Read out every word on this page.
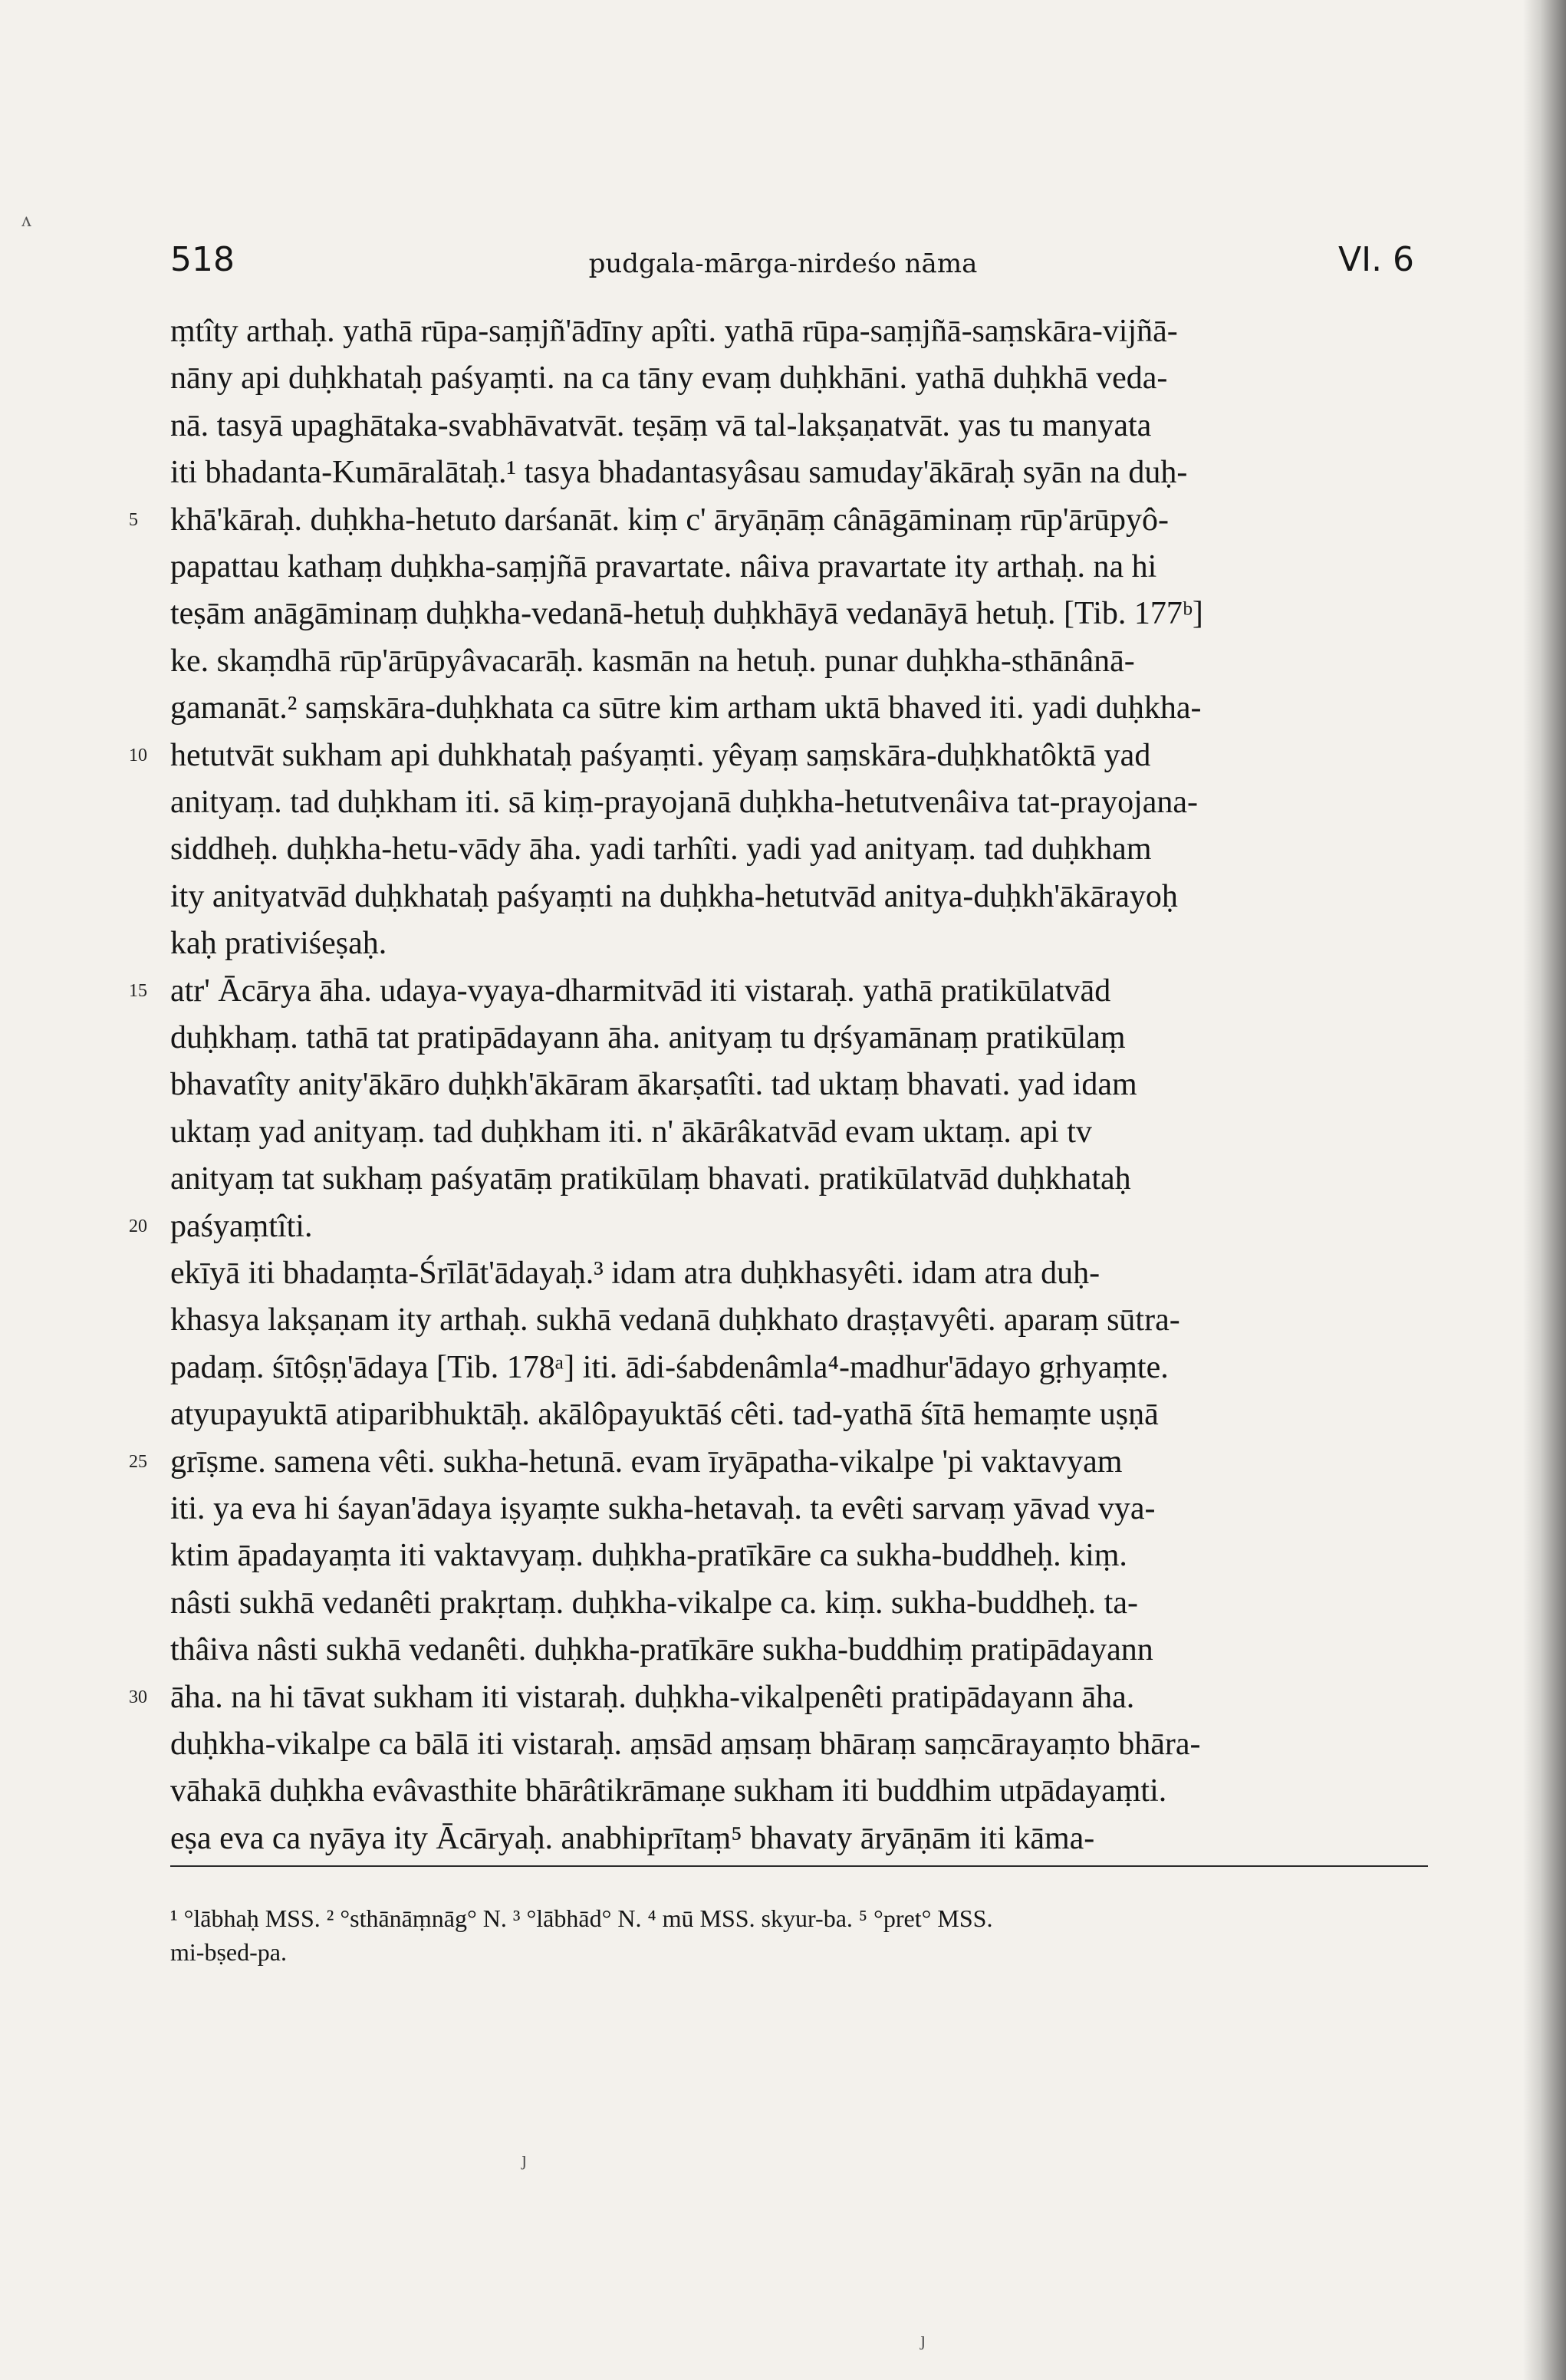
518	pudgala-mārga-nirdeśo nāma	VI. 6
ṃtîty arthaḥ. yathā rūpa-saṃjñ'ādīny apîti. yathā rūpa-saṃjñā-saṃskāra-vijñā-
nāny api duḥkhataḥ paśyaṃti. na ca tāny evaṃ duḥkhāni. yathā duḥkhā veda-
nā. tasyā upaghātaka-svabhāvatvāt. teṣāṃ vā tal-lakṣaṇatvāt. yas tu manyata
iti bhadanta-Kumāralātaḥ.¹ tasya bhadantasyâsau samuday'ākāraḥ syān na duḥ-
khā'kāraḥ. duḥkha-hetuto darśanāt. kiṃ c' āryāṇāṃ cânāgāminaṃ rūp'ārūpyô-
5
papattau kathaṃ duḥkha-saṃjñā pravartate. nâiva pravartate ity arthaḥ. na hi
teṣām anāgāminaṃ duḥkha-vedanā-hetuḥ duḥkhāyā vedanāyā hetuḥ. [Tib. 177ᵇ]
ke. skaṃdhā rūp'ārūpyâvacarāḥ. kasmān na hetuḥ. punar duḥkha-sthānânā-
gamanāt.² saṃskāra-duḥkhata ca sūtre kim artham uktā bhaved iti. yadi duḥkha-
hetutvāt sukham api duhkhataḥ paśyaṃti. yêyaṃ saṃskāra-duḥkhatôktā yad
10
anityaṃ. tad duḥkham iti. sā kiṃ-prayojanā duḥkha-hetutvenâiva tat-prayojana-
siddheḥ. duḥkha-hetu-vādy āha. yadi tarhîti. yadi yad anityaṃ. tad duḥkham
ity anityatvād duḥkhataḥ paśyaṃti na duḥkha-hetutvād anitya-duḥkh'ākārayoḥ
kaḥ prativiśeṣaḥ.
atr' Ācārya āha. udaya-vyaya-dharmitvād iti vistaraḥ. yathā pratikūlatvād
15
duḥkhaṃ. tathā tat pratipādayann āha. anityaṃ tu dṛśyamānaṃ pratikūlaṃ
bhavatîty anity'ākāro duḥkh'ākāram ākarṣatîti. tad uktaṃ bhavati. yad idam
uktaṃ yad anityaṃ. tad duḥkham iti. n' ākārâkatvād evam uktaṃ. api tv
anityaṃ tat sukhaṃ paśyatāṃ pratikūlaṃ bhavati. pratikūlatvād duḥkhataḥ
paśyaṃtîti.
20
ekīyā iti bhadaṃta-Śrīlāt'ādayaḥ.³ idam atra duḥkhasyêti. idam atra duḥ-
khasya lakṣaṇam ity arthaḥ. sukhā vedanā duḥkhato draṣṭavyêti. aparaṃ sūtra-
padaṃ. śītôṣṇ'ādaya [Tib. 178ᵃ] iti. ādi-śabdenâmla⁴-madhur'ādayo gṛhyaṃte.
atyupayuktā atiparibhuktāḥ. akālôpayuktāś cêti. tad-yathā śītā hemaṃte uṣṇā
grīṣme. samena vêti. sukha-hetunā. evam īryāpatha-vikalpe 'pi vaktavyam
25
iti. ya eva hi śayan'ādaya iṣyaṃte sukha-hetavaḥ. ta evêti sarvaṃ yāvad vya-
ktim āpadayaṃta iti vaktavyaṃ. duḥkha-pratīkāre ca sukha-buddheḥ. kiṃ.
nâsti sukhā vedanêti prakṛtaṃ. duḥkha-vikalpe ca. kiṃ. sukha-buddheḥ. ta-
thâiva nâsti sukhā vedanêti. duḥkha-pratīkāre sukha-buddhiṃ pratipādayann
āha. na hi tāvat sukham iti vistaraḥ. duḥkha-vikalpenêti pratipādayann āha.
30
duḥkha-vikalpe ca bālā iti vistaraḥ. aṃsād aṃsaṃ bhāraṃ saṃcārayaṃto bhāra-
vāhakā duḥkha evâvasthite bhārâtikrāmaṇe sukham iti buddhim utpādayaṃti.
eṣa eva ca nyāya ity Ācāryaḥ. anabhiprītaṃ⁵ bhavaty āryāṇām iti kāma-
¹ °lābhaḥ MSS. ² °sthānāṃnāg° N. ³ °lābhād° N. ⁴ mū MSS. skyur-ba. ⁵ °pret° MSS.
mi-bṣed-pa.
ʌ
ȷ
ȷ
